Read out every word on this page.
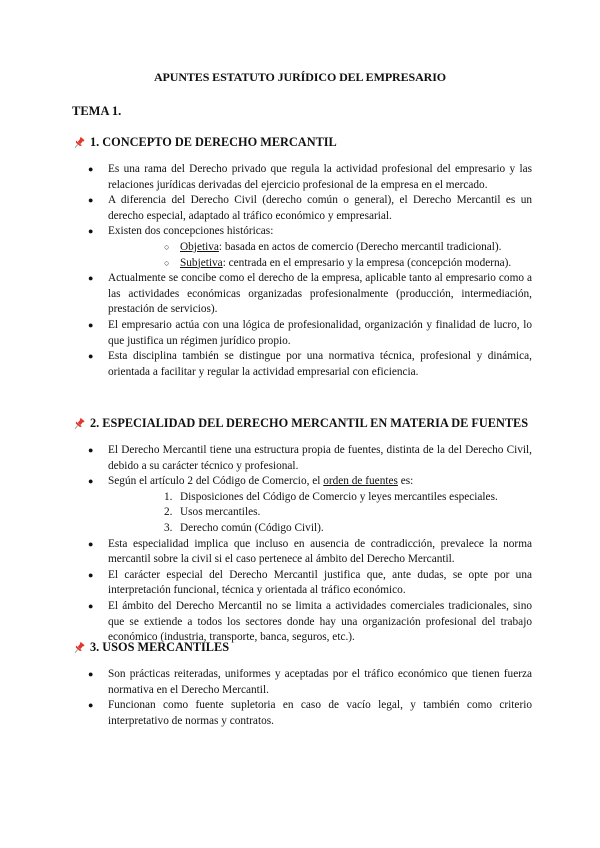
APUNTES ESTATUTO JURÍDICO DEL EMPRESARIO
TEMA 1.
1. CONCEPTO DE DERECHO MERCANTIL
● Es una rama del Derecho privado que regula la actividad profesional del empresario y las relaciones jurídicas derivadas del ejercicio profesional de la empresa en el mercado.
● A diferencia del Derecho Civil (derecho común o general), el Derecho Mercantil es un derecho especial, adaptado al tráfico económico y empresarial.
● Existen dos concepciones históricas:
○ Objetiva: basada en actos de comercio (Derecho mercantil tradicional).
○ Subjetiva: centrada en el empresario y la empresa (concepción moderna).
● Actualmente se concibe como el derecho de la empresa, aplicable tanto al empresario como a las actividades económicas organizadas profesionalmente (producción, intermediación, prestación de servicios).
● El empresario actúa con una lógica de profesionalidad, organización y finalidad de lucro, lo que justifica un régimen jurídico propio.
● Esta disciplina también se distingue por una normativa técnica, profesional y dinámica, orientada a facilitar y regular la actividad empresarial con eficiencia.
2. ESPECIALIDAD DEL DERECHO MERCANTIL EN MATERIA DE FUENTES
● El Derecho Mercantil tiene una estructura propia de fuentes, distinta de la del Derecho Civil, debido a su carácter técnico y profesional.
● Según el artículo 2 del Código de Comercio, el orden de fuentes es:
1. Disposiciones del Código de Comercio y leyes mercantiles especiales.
2. Usos mercantiles.
3. Derecho común (Código Civil).
● Esta especialidad implica que incluso en ausencia de contradicción, prevalece la norma mercantil sobre la civil si el caso pertenece al ámbito del Derecho Mercantil.
● El carácter especial del Derecho Mercantil justifica que, ante dudas, se opte por una interpretación funcional, técnica y orientada al tráfico económico.
● El ámbito del Derecho Mercantil no se limita a actividades comerciales tradicionales, sino que se extiende a todos los sectores donde hay una organización profesional del trabajo económico (industria, transporte, banca, seguros, etc.).
3. USOS MERCANTILES
● Son prácticas reiteradas, uniformes y aceptadas por el tráfico económico que tienen fuerza normativa en el Derecho Mercantil.
● Funcionan como fuente supletoria en caso de vacío legal, y también como criterio interpretativo de normas y contratos.
